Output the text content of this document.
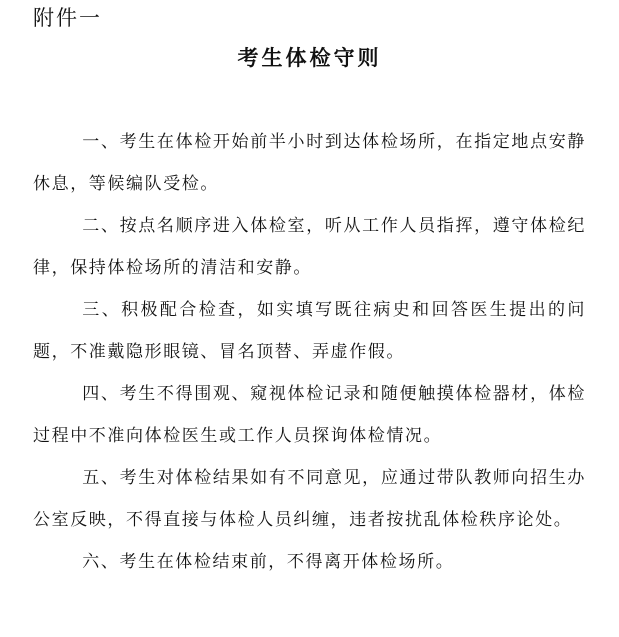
附件一
考生体检守则

一、考生在体检开始前半小时到达体检场所，在指定地点安静休息，等候编队受检。

二、按点名顺序进入体检室，听从工作人员指挥，遵守体检纪律，保持体检场所的清洁和安静。

三、积极配合检查，如实填写既往病史和回答医生提出的问题，不准戴隐形眼镜、冒名顶替、弄虚作假。

四、考生不得围观、窥视体检记录和随便触摸体检器材，体检过程中不准向体检医生或工作人员探询体检情况。

五、考生对体检结果如有不同意见，应通过带队教师向招生办公室反映，不得直接与体检人员纠缠，违者按扰乱体检秩序论处。

六、考生在体检结束前，不得离开体检场所。
